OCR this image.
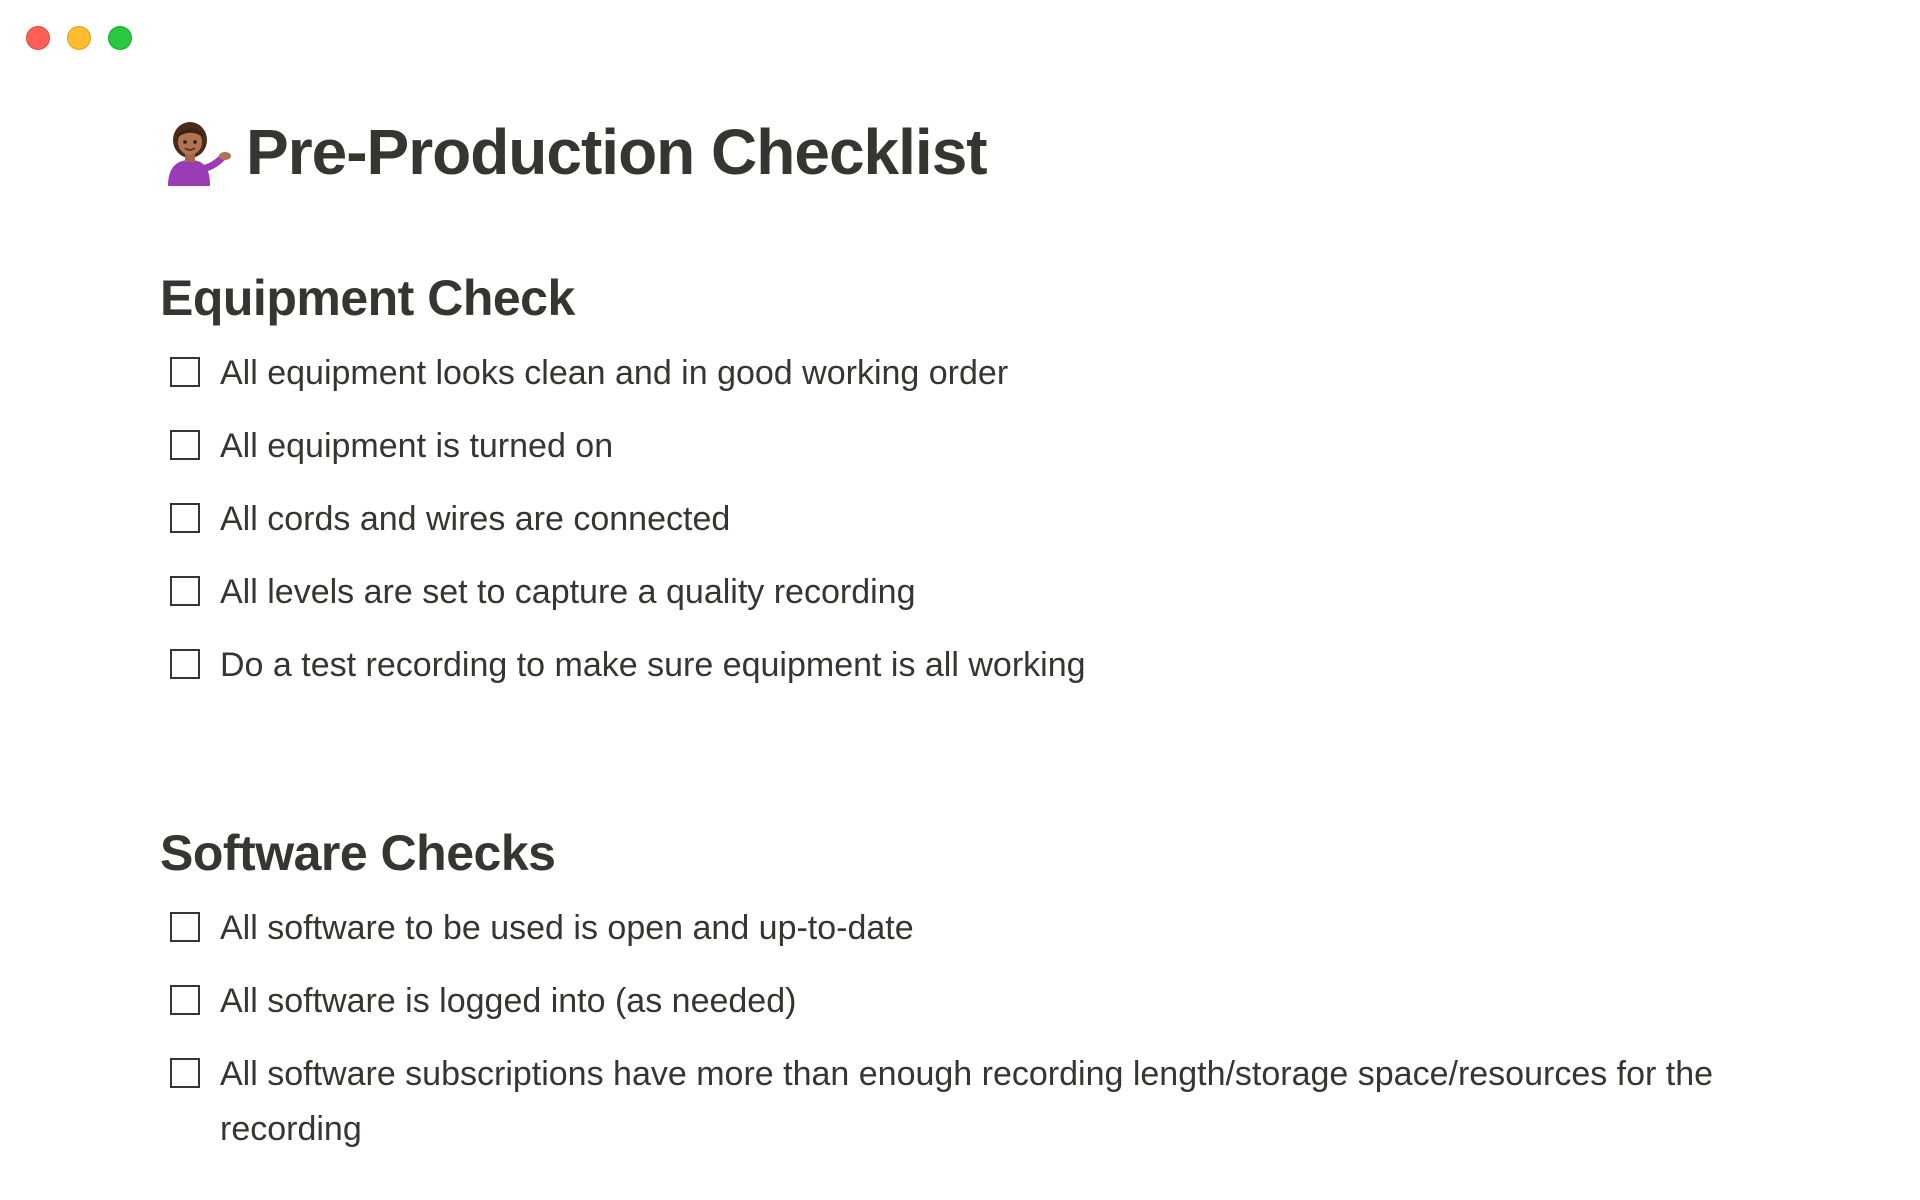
Pre-Production Checklist
Equipment Check
All equipment looks clean and in good working order
All equipment is turned on
All cords and wires are connected
All levels are set to capture a quality recording
Do a test recording to make sure equipment is all working
Software Checks
All software to be used is open and up-to-date
All software is logged into (as needed)
All software subscriptions have more than enough recording length/storage space/resources for the recording
